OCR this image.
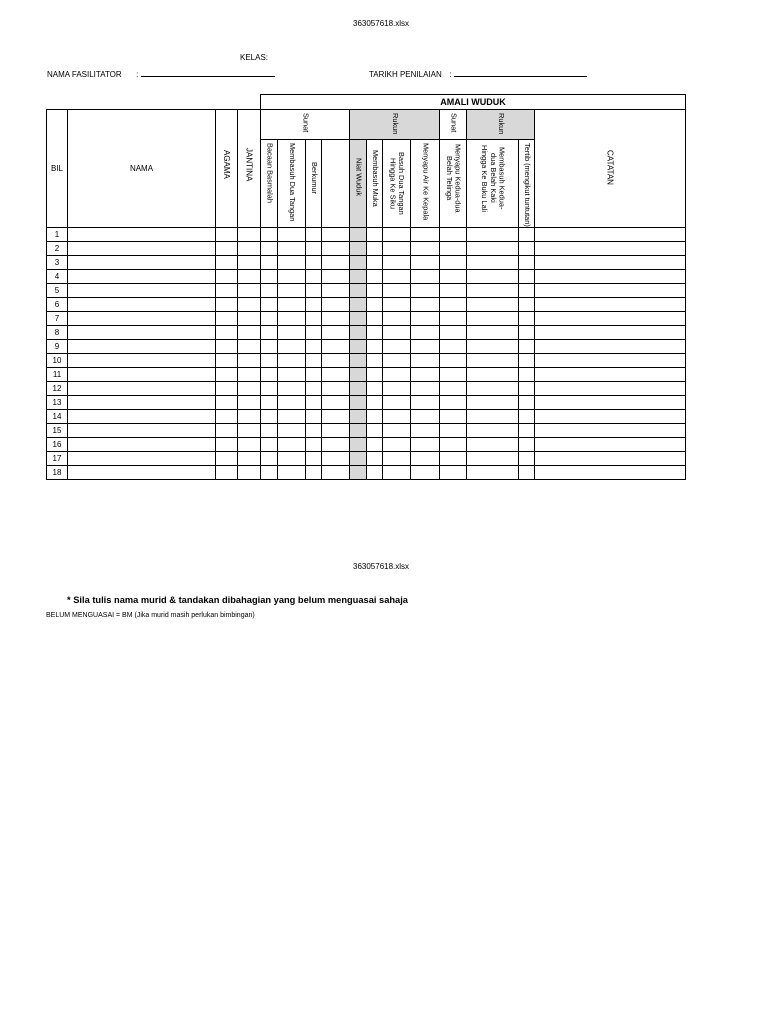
363057618.xlsx
KELAS:
NAMA FASILITATOR :	TARIKH PENILAIAN :
				AMALI WUDUK											
BIL	NAMA	AGAMA	JANTINA	Sunat				Rukun				Sunat	Rukun		CATATAN

				Bacaan Basmalah	Membasuh Dua Tangan	Berkumur		Niat Wuduk	Membasuh Muka	Basuh Dua Tangan Hingga Ke Siku	Menyapu Air Ke Kepala	Menyapu Kedua-dua Belah Telinga	Membasuh Kedua-dua Belah Kaki Hingga Ke Buku Lali	Tertib (mengikut tuntutan)	

1															
2															
3															
4															
5															
6															
7															
8															
9															
10															
11															
12															
13															
14															
15															
16															
17															
18															
363057618.xlsx
* Sila tulis nama murid & tandakan dibahagian yang belum menguasai sahaja
BELUM MENGUASAI = BM (Jika murid masih perlukan bimbingan)
